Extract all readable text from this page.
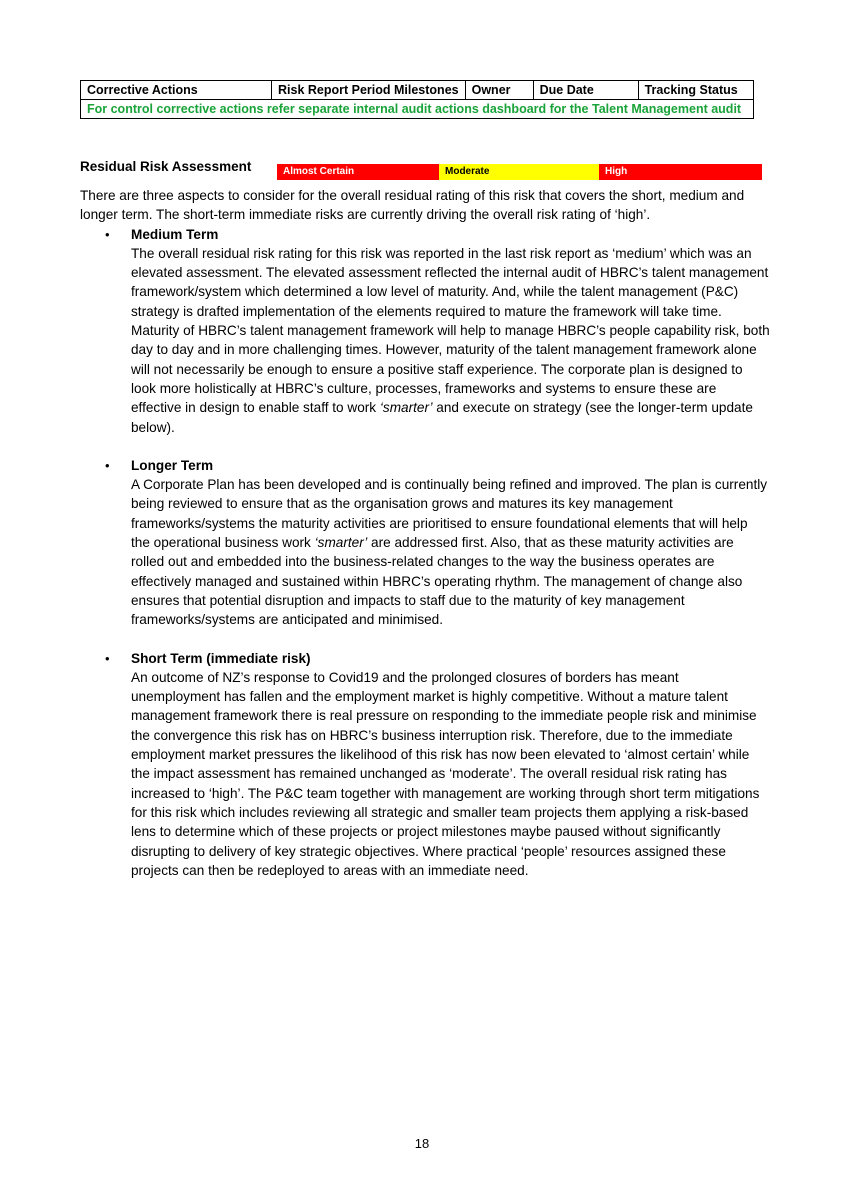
Corrective Actions	Risk Report Period Milestones	Owner	Due Date	Tracking Status
For control corrective actions refer separate internal audit actions dashboard for the Talent Management audit
Residual Risk Assessment	Almost Certain	Moderate	High

There are three aspects to consider for the overall residual rating of this risk that covers the short, medium and longer term. The short-term immediate risks are currently driving the overall risk rating of ‘high’.

• Medium Term

The overall residual risk rating for this risk was reported in the last risk report as ‘medium’ which was an elevated assessment. The elevated assessment reflected the internal audit of HBRC’s talent management framework/system which determined a low level of maturity. And, while the talent management (P&C) strategy is drafted implementation of the elements required to mature the framework will take time. Maturity of HBRC’s talent management framework will help to manage HBRC’s people capability risk, both day to day and in more challenging times. However, maturity of the talent management framework alone will not necessarily be enough to ensure a positive staff experience. The corporate plan is designed to look more holistically at HBRC’s culture, processes, frameworks and systems to ensure these are effective in design to enable staff to work ‘smarter’ and execute on strategy (see the longer-term update below).

• Longer Term

A Corporate Plan has been developed and is continually being refined and improved. The plan is currently being reviewed to ensure that as the organisation grows and matures its key management frameworks/systems the maturity activities are prioritised to ensure foundational elements that will help the operational business work ‘smarter’ are addressed first. Also, that as these maturity activities are rolled out and embedded into the business-related changes to the way the business operates are effectively managed and sustained within HBRC’s operating rhythm. The management of change also ensures that potential disruption and impacts to staff due to the maturity of key management frameworks/systems are anticipated and minimised.

• Short Term (immediate risk)

An outcome of NZ’s response to Covid19 and the prolonged closures of borders has meant unemployment has fallen and the employment market is highly competitive. Without a mature talent management framework there is real pressure on responding to the immediate people risk and minimise the convergence this risk has on HBRC’s business interruption risk. Therefore, due to the immediate employment market pressures the likelihood of this risk has now been elevated to ‘almost certain’ while the impact assessment has remained unchanged as ‘moderate’. The overall residual risk rating has increased to ‘high’. The P&C team together with management are working through short term mitigations for this risk which includes reviewing all strategic and smaller team projects them applying a risk-based lens to determine which of these projects or project milestones maybe paused without significantly disrupting to delivery of key strategic objectives. Where practical ‘people’ resources assigned these projects can then be redeployed to areas with an immediate need.

18
